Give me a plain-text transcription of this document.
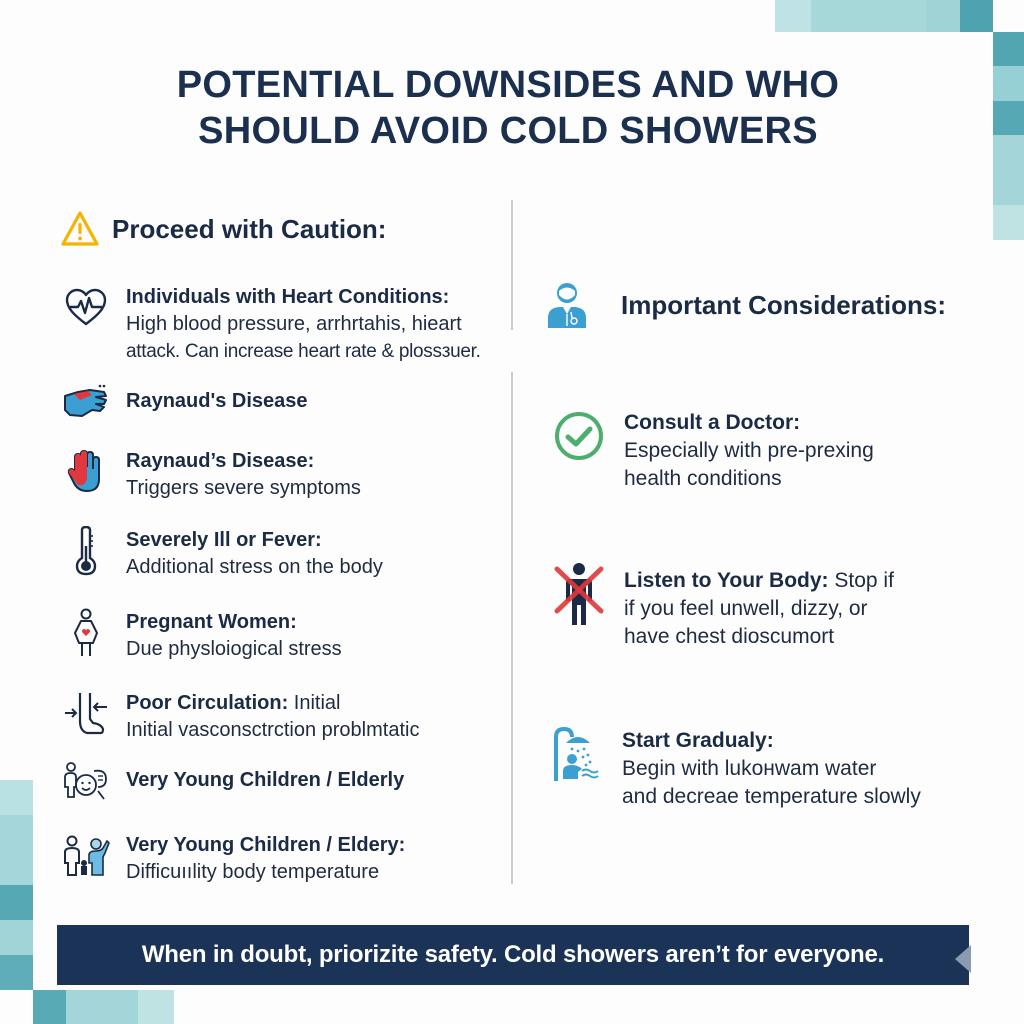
POTENTIAL DOWNSIDES AND WHO
SHOULD AVOID COLD SHOWERS
Proceed with Caution:
Individuals with Heart Conditions:
High blood pressure, arrhrtahis, hieart
attack. Can increase heart rate & plossзuer.
Raynaud's Disease
Raynaud’s Disease:
Triggers severe symptoms
Severely Ill or Fever:
Additional stress on the body
Pregnant Women:
Due physloiogical stress
Poor Circulation: Initial
Initial vasconsctrction problmtatic
Very Young Children / Elderly
Very Young Children / Eldery:
Difficuıılity body temperature
Important Considerations:
Consult a Doctor:
Especially with pre-prexing
health conditions
Listen to Your Body: Stop if
if you feel unwell, dizzy, or
have chest dioscumort
Start Gradualy:
Begin with lukoнwam water
and decreae temperature slowly
When in doubt, priorizite safety. Cold showers aren’t for everyone.
